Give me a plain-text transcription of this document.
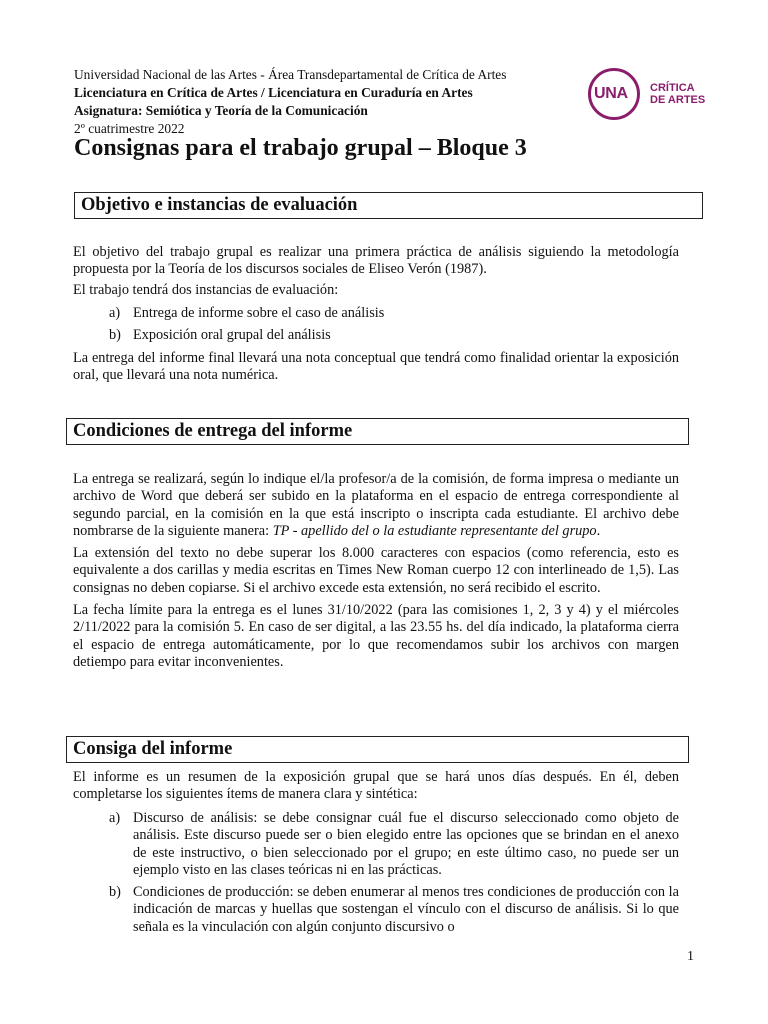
Universidad Nacional de las Artes - Área Transdepartamental de Crítica de Artes
Licenciatura en Crítica de Artes / Licenciatura en Curaduría en Artes
Asignatura: Semiótica y Teoría de la Comunicación
2º cuatrimestre 2022
UNA CRÍTICA
DE ARTES
Consignas para el trabajo grupal – Bloque 3
Objetivo e instancias de evaluación

El objetivo del trabajo grupal es realizar una primera práctica de análisis siguiendo la metodología propuesta por la Teoría de los discursos sociales de Eliseo Verón (1987).

El trabajo tendrá dos instancias de evaluación:

a) Entrega de informe sobre el caso de análisis
b) Exposición oral grupal del análisis

La entrega del informe final llevará una nota conceptual que tendrá como finalidad orientar la exposición oral, que llevará una nota numérica.

Condiciones de entrega del informe

La entrega se realizará, según lo indique el/la profesor/a de la comisión, de forma impresa o mediante un archivo de Word que deberá ser subido en la plataforma en el espacio de entrega correspondiente al segundo parcial, en la comisión en la que está inscripto o inscripta cada estudiante. El archivo debe nombrarse de la siguiente manera: TP - apellido del o la estudiante representante del grupo.

La extensión del texto no debe superar los 8.000 caracteres con espacios (como referencia, esto es equivalente a dos carillas y media escritas en Times New Roman cuerpo 12 con interlineado de 1,5). Las consignas no deben copiarse. Si el archivo excede esta extensión, no será recibido el escrito.

La fecha límite para la entrega es el lunes 31/10/2022 (para las comisiones 1, 2, 3 y 4) y el miércoles 2/11/2022 para la comisión 5. En caso de ser digital, a las 23.55 hs. del día indicado, la plataforma cierra el espacio de entrega automáticamente, por lo que recomendamos subir los archivos con margen detiempo para evitar inconvenientes.

Consiga del informe

El informe es un resumen de la exposición grupal que se hará unos días después. En él, deben completarse los siguientes ítems de manera clara y sintética:

a) Discurso de análisis: se debe consignar cuál fue el discurso seleccionado como objeto de análisis. Este discurso puede ser o bien elegido entre las opciones que se brindan en el anexo de este instructivo, o bien seleccionado por el grupo; en este último caso, no puede ser un ejemplo visto en las clases teóricas ni en las prácticas.
b) Condiciones de producción: se deben enumerar al menos tres condiciones de producción con la indicación de marcas y huellas que sostengan el vínculo con el discurso de análisis. Si lo que señala es la vinculación con algún conjunto discursivo o
1
